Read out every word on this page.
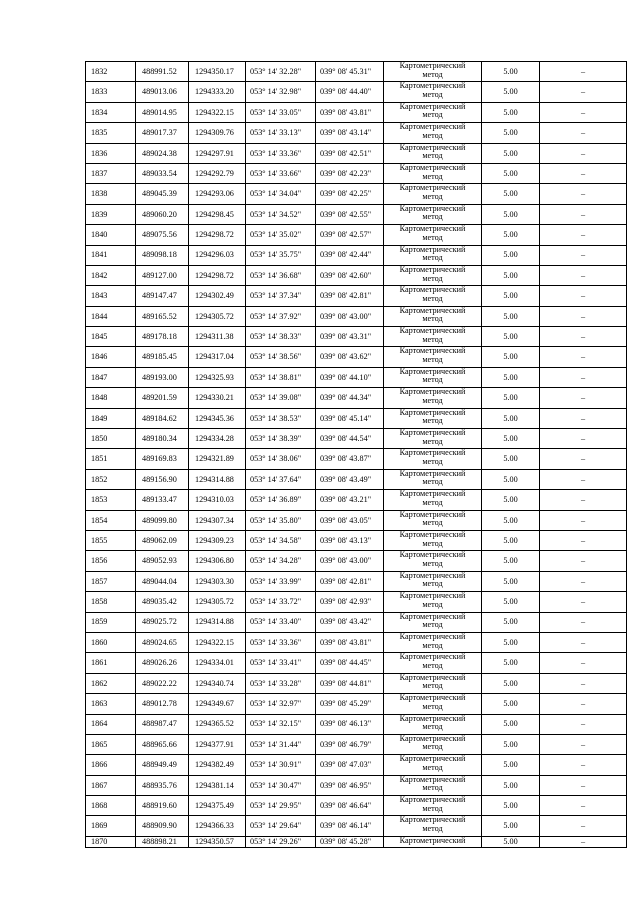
1832	488991.52	1294350.17	053° 14' 32.28"	039° 08' 45.31"	Картометрический
метод	5.00	–
1833	489013.06	1294333.20	053° 14' 32.98"	039° 08' 44.40"	Картометрический
метод	5.00	–
1834	489014.95	1294322.15	053° 14' 33.05"	039° 08' 43.81"	Картометрический
метод	5.00	–
1835	489017.37	1294309.76	053° 14' 33.13"	039° 08' 43.14"	Картометрический
метод	5.00	–
1836	489024.38	1294297.91	053° 14' 33.36"	039° 08' 42.51"	Картометрический
метод	5.00	–
1837	489033.54	1294292.79	053° 14' 33.66"	039° 08' 42.23"	Картометрический
метод	5.00	–
1838	489045.39	1294293.06	053° 14' 34.04"	039° 08' 42.25"	Картометрический
метод	5.00	–
1839	489060.20	1294298.45	053° 14' 34.52"	039° 08' 42.55"	Картометрический
метод	5.00	–
1840	489075.56	1294298.72	053° 14' 35.02"	039° 08' 42.57"	Картометрический
метод	5.00	–
1841	489098.18	1294296.03	053° 14' 35.75"	039° 08' 42.44"	Картометрический
метод	5.00	–
1842	489127.00	1294298.72	053° 14' 36.68"	039° 08' 42.60"	Картометрический
метод	5.00	–
1843	489147.47	1294302.49	053° 14' 37.34"	039° 08' 42.81"	Картометрический
метод	5.00	–
1844	489165.52	1294305.72	053° 14' 37.92"	039° 08' 43.00"	Картометрический
метод	5.00	–
1845	489178.18	1294311.38	053° 14' 38.33"	039° 08' 43.31"	Картометрический
метод	5.00	–
1846	489185.45	1294317.04	053° 14' 38.56"	039° 08' 43.62"	Картометрический
метод	5.00	–
1847	489193.00	1294325.93	053° 14' 38.81"	039° 08' 44.10"	Картометрический
метод	5.00	–
1848	489201.59	1294330.21	053° 14' 39.08"	039° 08' 44.34"	Картометрический
метод	5.00	–
1849	489184.62	1294345.36	053° 14' 38.53"	039° 08' 45.14"	Картометрический
метод	5.00	–
1850	489180.34	1294334.28	053° 14' 38.39"	039° 08' 44.54"	Картометрический
метод	5.00	–
1851	489169.83	1294321.89	053° 14' 38.06"	039° 08' 43.87"	Картометрический
метод	5.00	–
1852	489156.90	1294314.88	053° 14' 37.64"	039° 08' 43.49"	Картометрический
метод	5.00	–
1853	489133.47	1294310.03	053° 14' 36.89"	039° 08' 43.21"	Картометрический
метод	5.00	–
1854	489099.80	1294307.34	053° 14' 35.80"	039° 08' 43.05"	Картометрический
метод	5.00	–
1855	489062.09	1294309.23	053° 14' 34.58"	039° 08' 43.13"	Картометрический
метод	5.00	–
1856	489052.93	1294306.80	053° 14' 34.28"	039° 08' 43.00"	Картометрический
метод	5.00	–
1857	489044.04	1294303.30	053° 14' 33.99"	039° 08' 42.81"	Картометрический
метод	5.00	–
1858	489035.42	1294305.72	053° 14' 33.72"	039° 08' 42.93"	Картометрический
метод	5.00	–
1859	489025.72	1294314.88	053° 14' 33.40"	039° 08' 43.42"	Картометрический
метод	5.00	–
1860	489024.65	1294322.15	053° 14' 33.36"	039° 08' 43.81"	Картометрический
метод	5.00	–
1861	489026.26	1294334.01	053° 14' 33.41"	039° 08' 44.45"	Картометрический
метод	5.00	–
1862	489022.22	1294340.74	053° 14' 33.28"	039° 08' 44.81"	Картометрический
метод	5.00	–
1863	489012.78	1294349.67	053° 14' 32.97"	039° 08' 45.29"	Картометрический
метод	5.00	–
1864	488987.47	1294365.52	053° 14' 32.15"	039° 08' 46.13"	Картометрический
метод	5.00	–
1865	488965.66	1294377.91	053° 14' 31.44"	039° 08' 46.79"	Картометрический
метод	5.00	–
1866	488949.49	1294382.49	053° 14' 30.91"	039° 08' 47.03"	Картометрический
метод	5.00	–
1867	488935.76	1294381.14	053° 14' 30.47"	039° 08' 46.95"	Картометрический
метод	5.00	–
1868	488919.60	1294375.49	053° 14' 29.95"	039° 08' 46.64"	Картометрический
метод	5.00	–
1869	488909.90	1294366.33	053° 14' 29.64"	039° 08' 46.14"	Картометрический
метод	5.00	–
1870	488898.21	1294350.57	053° 14' 29.26"	039° 08' 45.28"	Картометрический	5.00	–
